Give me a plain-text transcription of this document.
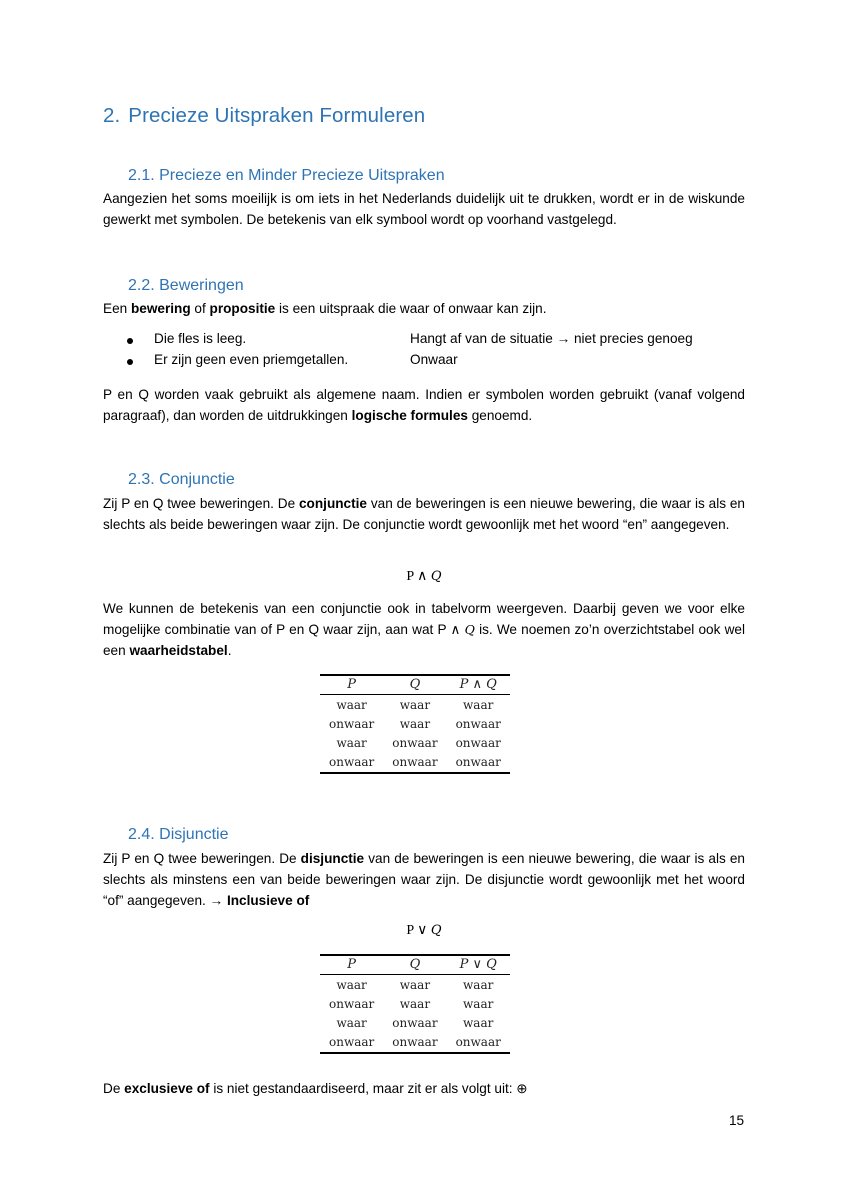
2. Precieze Uitspraken Formuleren
2.1. Precieze en Minder Precieze Uitspraken

Aangezien het soms moeilijk is om iets in het Nederlands duidelijk uit te drukken, wordt er in de wiskunde gewerkt met symbolen. De betekenis van elk symbool wordt op voorhand vastgelegd.

2.2. Beweringen

Een bewering of propositie is een uitspraak die waar of onwaar kan zijn.

Die fles is leeg.	Hangt af van de situatie → niet precies genoeg
Er zijn geen even priemgetallen.	Onwaar

P en Q worden vaak gebruikt als algemene naam. Indien er symbolen worden gebruikt (vanaf volgend paragraaf), dan worden de uitdrukkingen logische formules genoemd.

2.3. Conjunctie

Zij P en Q twee beweringen. De conjunctie van de beweringen is een nieuwe bewering, die waar is als en slechts als beide beweringen waar zijn. De conjunctie wordt gewoonlijk met het woord “en” aangegeven.

P ∧ Q

We kunnen de betekenis van een conjunctie ook in tabelvorm weergeven. Daarbij geven we voor elke mogelijke combinatie van of P en Q waar zijn, aan wat P ∧ Q is. We noemen zo’n overzichtstabel ook wel een waarheidstabel.

P	Q	P ∧ Q
waar	waar	waar
onwaar	waar	onwaar
waar	onwaar	onwaar
onwaar	onwaar	onwaar
2.4. Disjunctie

Zij P en Q twee beweringen. De disjunctie van de beweringen is een nieuwe bewering, die waar is als en slechts als minstens een van beide beweringen waar zijn. De disjunctie wordt gewoonlijk met het woord “of” aangegeven. → Inclusieve of

P ∨ Q
P	Q	P ∨ Q
waar	waar	waar
onwaar	waar	waar
waar	onwaar	waar
onwaar	onwaar	onwaar

De exclusieve of is niet gestandaardiseerd, maar zit er als volgt uit: ⊕

15
